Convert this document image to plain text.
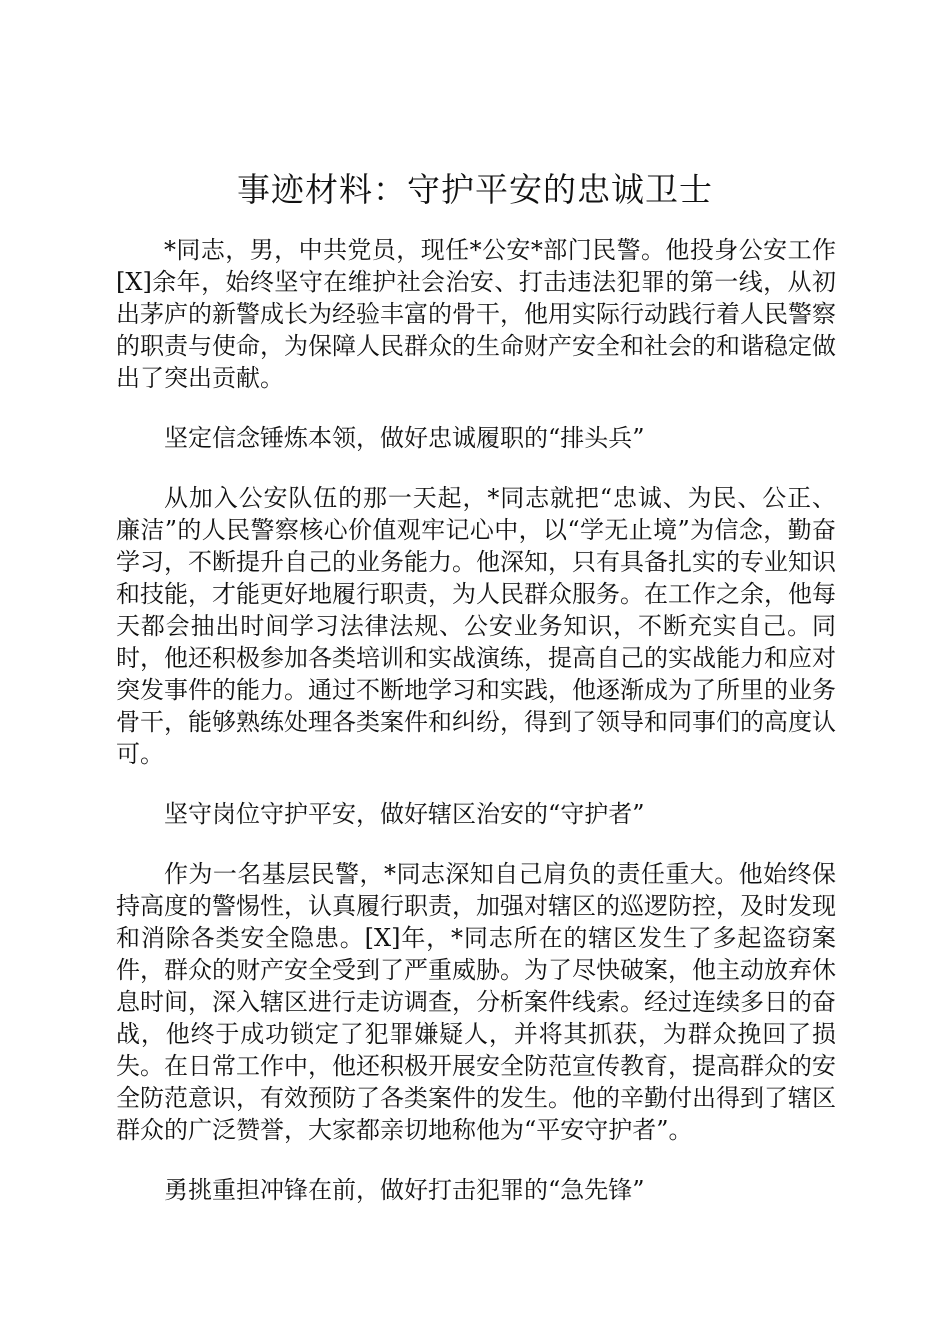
事迹材料：守护平安的忠诚卫士

*同志，男，中共党员，现任*公安*部门民警。他投身公安工作[X]余年，始终坚守在维护社会治安、打击违法犯罪的第一线，从初出茅庐的新警成长为经验丰富的骨干，他用实际行动践行着人民警察的职责与使命，为保障人民群众的生命财产安全和社会的和谐稳定做出了突出贡献。

坚定信念锤炼本领，做好忠诚履职的“排头兵”

从加入公安队伍的那一天起，*同志就把“忠诚、为民、公正、廉洁”的人民警察核心价值观牢记心中，以“学无止境”为信念，勤奋学习，不断提升自己的业务能力。他深知，只有具备扎实的专业知识和技能，才能更好地履行职责，为人民群众服务。在工作之余，他每天都会抽出时间学习法律法规、公安业务知识，不断充实自己。同时，他还积极参加各类培训和实战演练，提高自己的实战能力和应对突发事件的能力。通过不断地学习和实践，他逐渐成为了所里的业务骨干，能够熟练处理各类案件和纠纷，得到了领导和同事们的高度认可。

坚守岗位守护平安，做好辖区治安的“守护者”

作为一名基层民警，*同志深知自己肩负的责任重大。他始终保持高度的警惕性，认真履行职责，加强对辖区的巡逻防控，及时发现和消除各类安全隐患。[X]年，*同志所在的辖区发生了多起盗窃案件，群众的财产安全受到了严重威胁。为了尽快破案，他主动放弃休息时间，深入辖区进行走访调查，分析案件线索。经过连续多日的奋战，他终于成功锁定了犯罪嫌疑人，并将其抓获，为群众挽回了损失。在日常工作中，他还积极开展安全防范宣传教育，提高群众的安全防范意识，有效预防了各类案件的发生。他的辛勤付出得到了辖区群众的广泛赞誉，大家都亲切地称他为“平安守护者”。

勇挑重担冲锋在前，做好打击犯罪的“急先锋”
